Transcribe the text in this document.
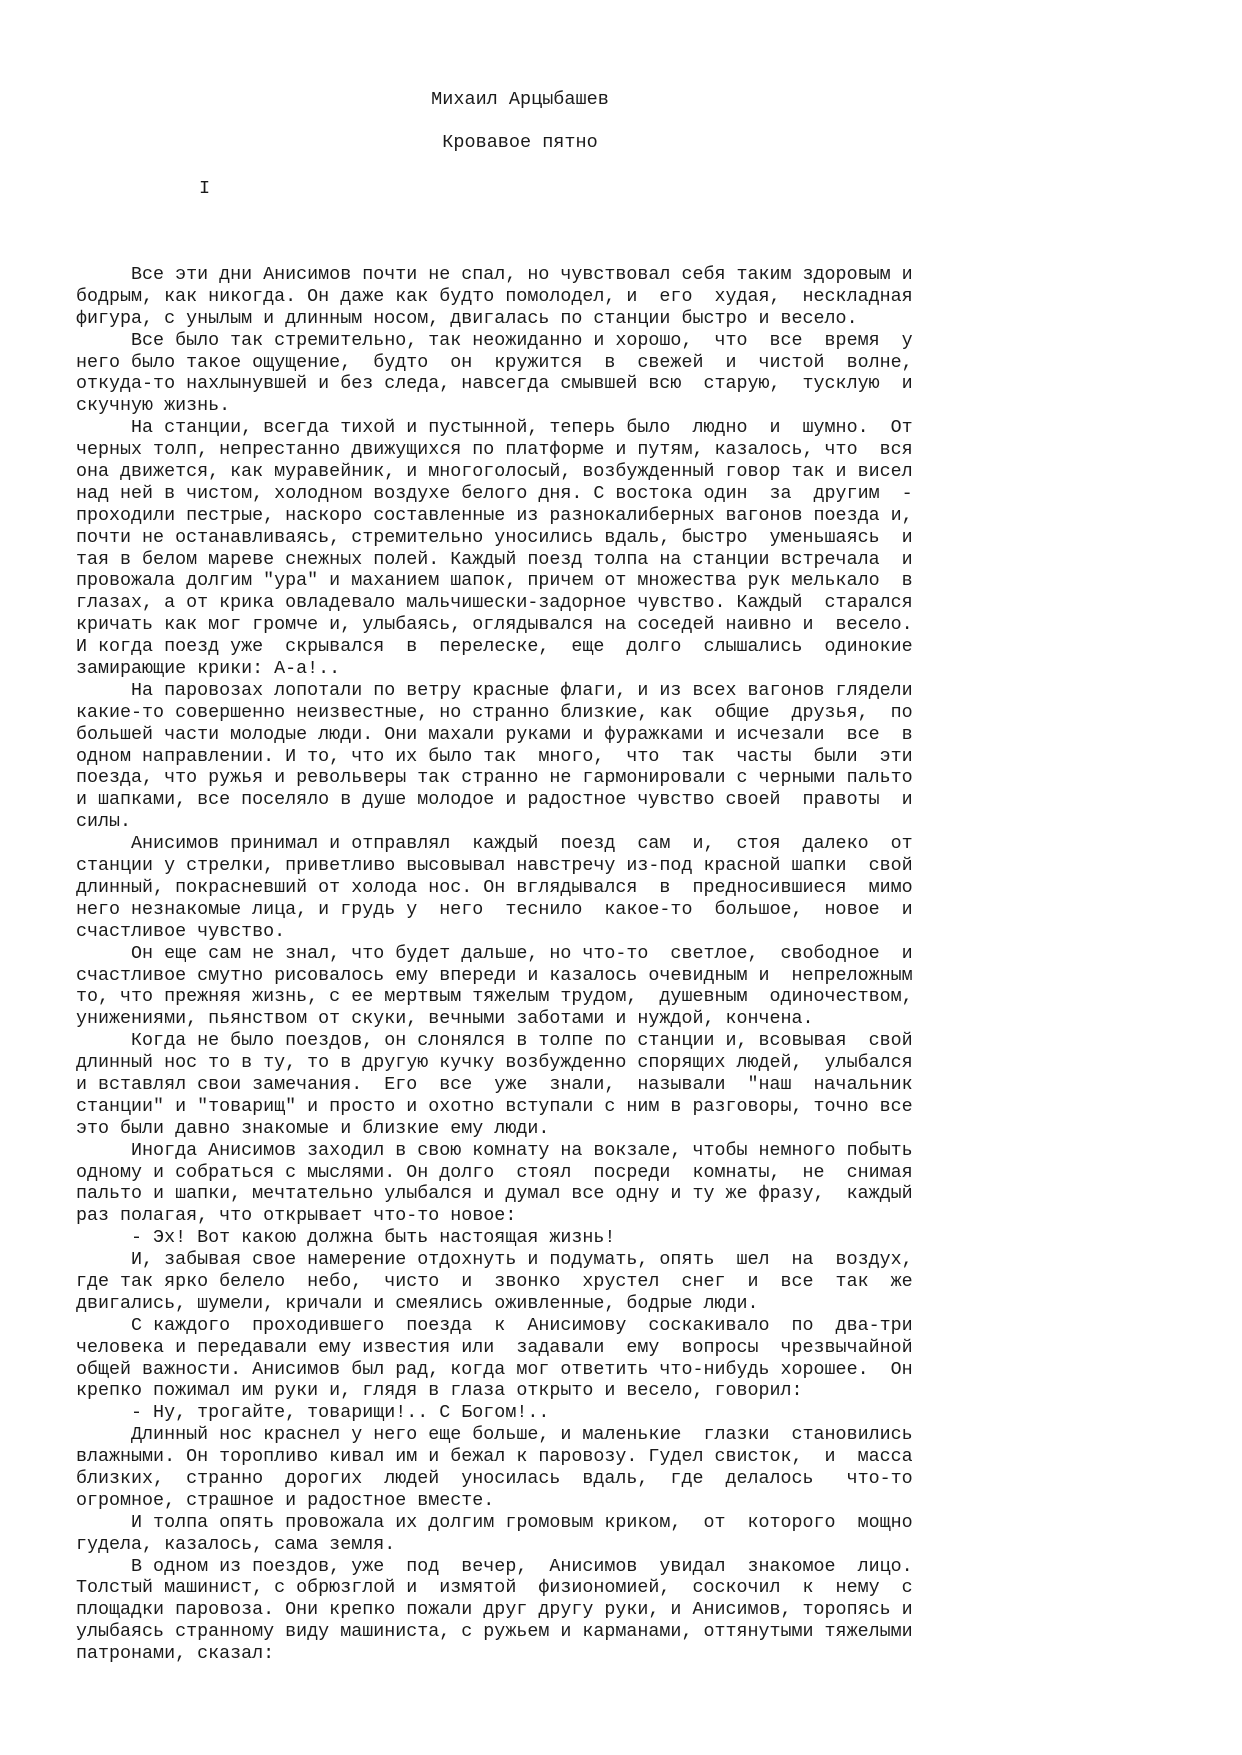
Михаил Арцыбашев
Кровавое пятно
I
Все эти дни Анисимов почти не спал, но чувствовал себя таким здоровым и
бодрым, как никогда. Он даже как будто помолодел, и  его  худая,  нескладная
фигура, с унылым и длинным носом, двигалась по станции быстро и весело.
Все было так стремительно, так неожиданно и хорошо,  что  все  время  у
него было такое ощущение,  будто  он  кружится  в  свежей  и  чистой  волне,
откуда-то нахлынувшей и без следа, навсегда смывшей всю  старую,  тусклую  и
скучную жизнь.
На станции, всегда тихой и пустынной, теперь было  людно  и  шумно.  От
черных толп, непрестанно движущихся по платформе и путям, казалось, что  вся
она движется, как муравейник, и многоголосый, возбужденный говор так и висел
над ней в чистом, холодном воздухе белого дня. С востока один  за  другим  -
проходили пестрые, наскоро составленные из разнокалиберных вагонов поезда и,
почти не останавливаясь, стремительно уносились вдаль, быстро  уменьшаясь  и
тая в белом мареве снежных полей. Каждый поезд толпа на станции встречала  и
провожала долгим "ура" и маханием шапок, причем от множества рук мелькало  в
глазах, а от крика овладевало мальчишески-задорное чувство. Каждый  старался
кричать как мог громче и, улыбаясь, оглядывался на соседей наивно и  весело.
И когда поезд уже  скрывался  в  перелеске,  еще  долго  слышались  одинокие
замирающие крики: А-а!..
На паровозах лопотали по ветру красные флаги, и из всех вагонов глядели
какие-то совершенно неизвестные, но странно близкие, как  общие  друзья,  по
большей части молодые люди. Они махали руками и фуражками и исчезали  все  в
одном направлении. И то, что их было так  много,  что  так  часты  были  эти
поезда, что ружья и револьверы так странно не гармонировали с черными пальто
и шапками, все поселяло в душе молодое и радостное чувство своей  правоты  и
силы.
Анисимов принимал и отправлял  каждый  поезд  сам  и,  стоя  далеко  от
станции у стрелки, приветливо высовывал навстречу из-под красной шапки  свой
длинный, покрасневший от холода нос. Он вглядывался  в  предносившиеся  мимо
него незнакомые лица, и грудь у  него  теснило  какое-то  большое,  новое  и
счастливое чувство.
Он еще сам не знал, что будет дальше, но что-то  светлое,  свободное  и
счастливое смутно рисовалось ему впереди и казалось очевидным и  непреложным
то, что прежняя жизнь, с ее мертвым тяжелым трудом,  душевным  одиночеством,
унижениями, пьянством от скуки, вечными заботами и нуждой, кончена.
Когда не было поездов, он слонялся в толпе по станции и, всовывая  свой
длинный нос то в ту, то в другую кучку возбужденно спорящих людей,  улыбался
и вставлял свои замечания.  Его  все  уже  знали,  называли  "наш  начальник
станции" и "товарищ" и просто и охотно вступали с ним в разговоры, точно все
это были давно знакомые и близкие ему люди.
Иногда Анисимов заходил в свою комнату на вокзале, чтобы немного побыть
одному и собраться с мыслями. Он долго  стоял  посреди  комнаты,  не  снимая
пальто и шапки, мечтательно улыбался и думал все одну и ту же фразу,  каждый
раз полагая, что открывает что-то новое:
- Эх! Вот какою должна быть настоящая жизнь!
И, забывая свое намерение отдохнуть и подумать, опять  шел  на  воздух,
где так ярко белело  небо,  чисто  и  звонко  хрустел  снег  и  все  так  же
двигались, шумели, кричали и смеялись оживленные, бодрые люди.
С каждого  проходившего  поезда  к  Анисимову  соскакивало  по  два-три
человека и передавали ему известия или  задавали  ему  вопросы  чрезвычайной
общей важности. Анисимов был рад, когда мог ответить что-нибудь хорошее.  Он
крепко пожимал им руки и, глядя в глаза открыто и весело, говорил:
- Ну, трогайте, товарищи!.. С Богом!..
Длинный нос краснел у него еще больше, и маленькие  глазки  становились
влажными. Он торопливо кивал им и бежал к паровозу. Гудел свисток,  и  масса
близких,  странно  дорогих  людей  уносилась  вдаль,  где  делалось   что-то
огромное, страшное и радостное вместе.
И толпа опять провожала их долгим громовым криком,  от  которого  мощно
гудела, казалось, сама земля.
В одном из поездов, уже  под  вечер,  Анисимов  увидал  знакомое  лицо.
Толстый машинист, с обрюзглой и  измятой  физиономией,  соскочил  к  нему  с
площадки паровоза. Они крепко пожали друг другу руки, и Анисимов, торопясь и
улыбаясь странному виду машиниста, с ружьем и карманами, оттянутыми тяжелыми
патронами, сказал:
